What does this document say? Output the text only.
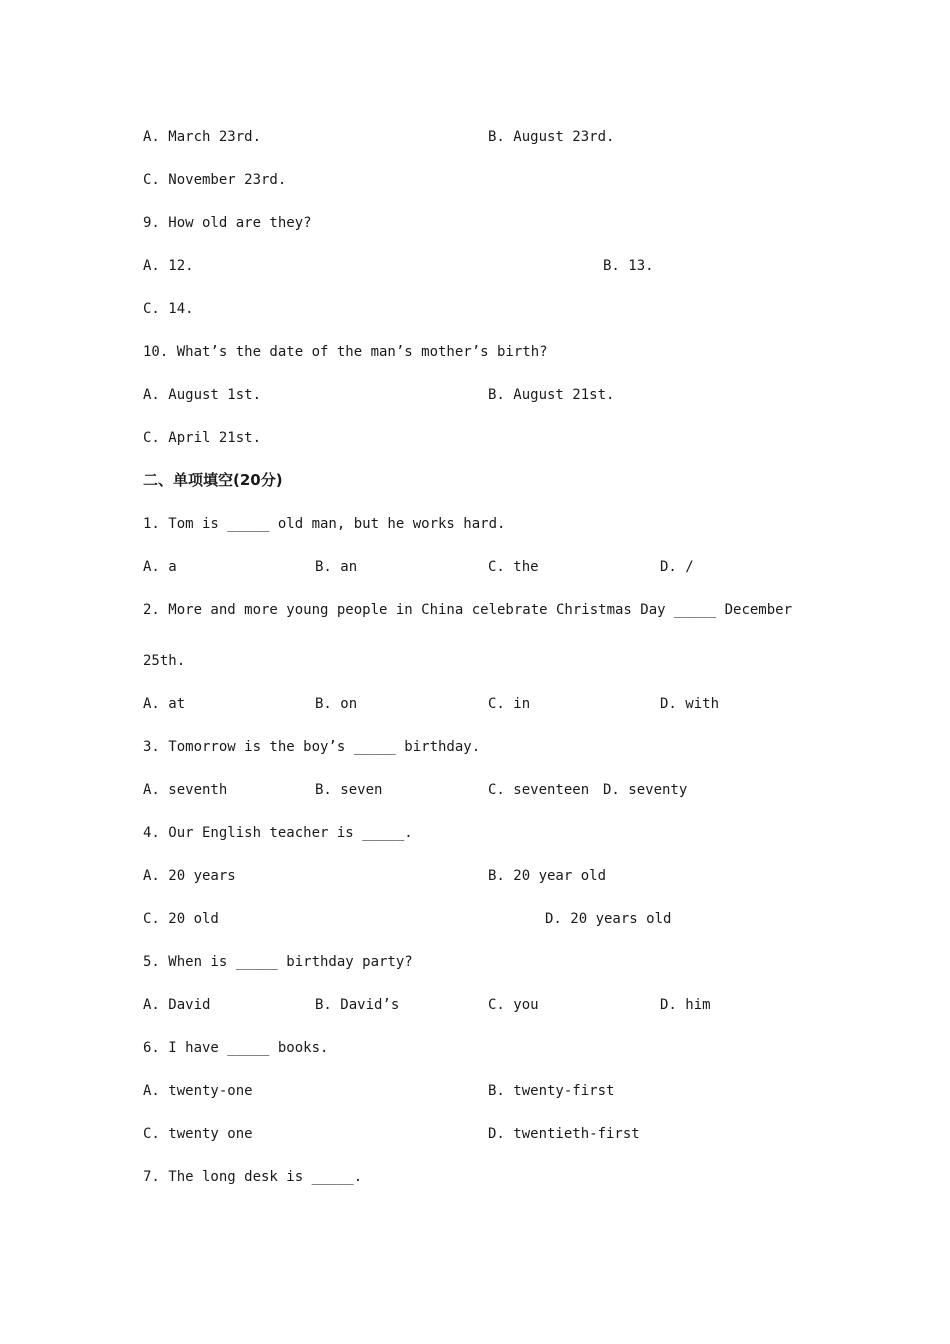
A. March 23rd.	B. August 23rd.
C. November 23rd.
9. How old are they?
A. 12.	B. 13.
C. 14.
10. What’s the date of the man’s mother’s birth?
A. August 1st.	B. August 21st.
C. April 21st.
二、单项填空(20分)
1. Tom is _____ old man, but he works hard.
A. a	B. an	C. the	D. /
2. More and more young people in China celebrate Christmas Day _____ December
25th.
A. at	B. on	C. in	D. with
3. Tomorrow is the boy’s _____ birthday.
A. seventh	B. seven	C. seventeen D. seventy
4. Our English teacher is _____.
A. 20 years	B. 20 year old
C. 20 old	D. 20 years old
5. When is _____ birthday party?
A. David	B. David’s	C. you	D. him
6. I have _____ books.
A. twenty-one	B. twenty-first
C. twenty one	D. twentieth-first
7. The long desk is _____.
